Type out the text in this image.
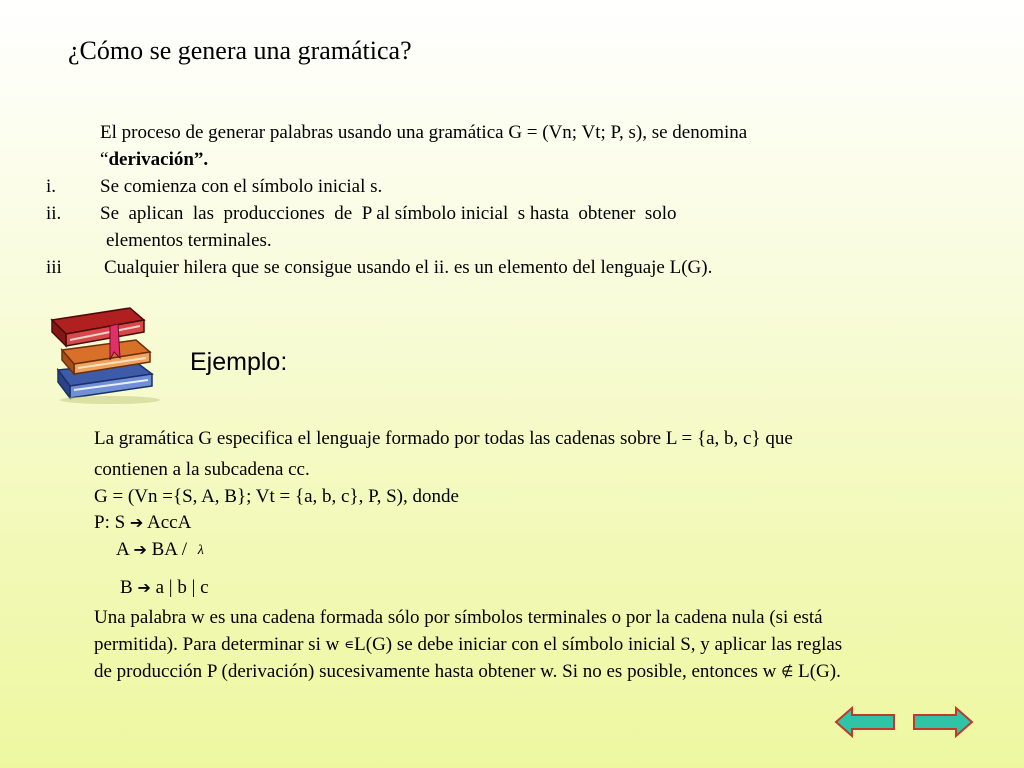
¿Cómo se genera una gramática?
El proceso de generar palabras usando una gramática G = (Vn; Vt; P, s), se denomina
“derivación”.
i. Se comienza con el símbolo inicial s.
ii. Se  aplican  las  producciones  de  P al símbolo inicial  s hasta  obtener  solo
elementos terminales.
iii Cualquier hilera que se consigue usando el ii. es un elemento del lenguaje L(G).
Ejemplo:
La gramática G especifica el lenguaje formado por todas las cadenas sobre L = {a, b, c} que
contienen a la subcadena cc.
G = (Vn ={S, A, B}; Vt = {a, b, c}, P, S), donde
P: S ➔ AccA
A ➔ BA / λ
B ➔ a | b | c
Una palabra w es una cadena formada sólo por símbolos terminales o por la cadena nula (si está
permitida). Para determinar si w ∊L(G) se debe iniciar con el símbolo inicial S, y aplicar las reglas
de producción P (derivación) sucesivamente hasta obtener w. Si no es posible, entonces w ∉ L(G).
